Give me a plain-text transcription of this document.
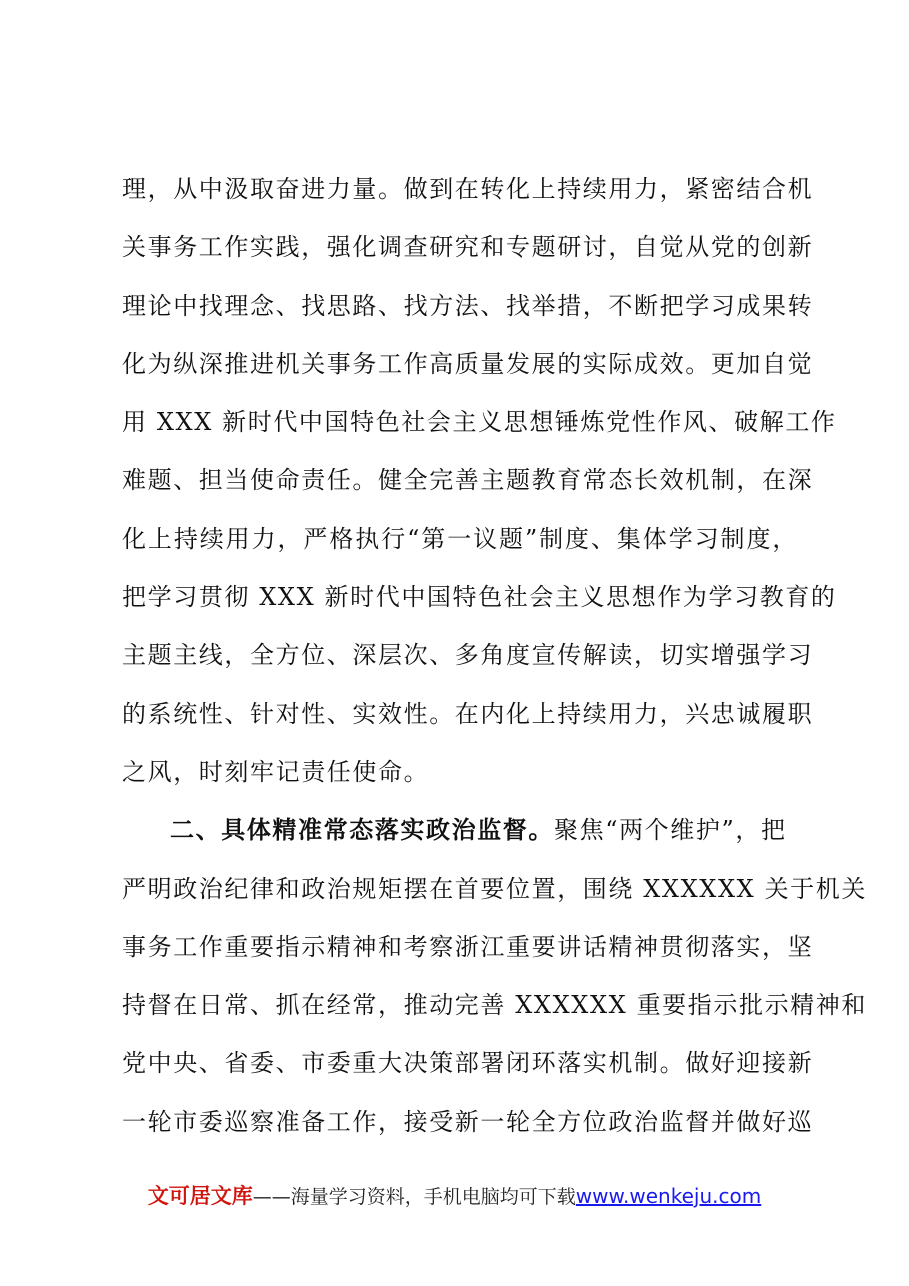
理，从中汲取奋进力量。做到在转化上持续用力，紧密结合机
关事务工作实践，强化调查研究和专题研讨，自觉从党的创新
理论中找理念、找思路、找方法、找举措，不断把学习成果转
化为纵深推进机关事务工作高质量发展的实际成效。更加自觉
用 XXX 新时代中国特色社会主义思想锤炼党性作风、破解工作
难题、担当使命责任。健全完善主题教育常态长效机制，在深
化上持续用力，严格执行“第一议题”制度、集体学习制度，
把学习贯彻 XXX 新时代中国特色社会主义思想作为学习教育的
主题主线，全方位、深层次、多角度宣传解读，切实增强学习
的系统性、针对性、实效性。在内化上持续用力，兴忠诚履职
之风，时刻牢记责任使命。
二、具体精准常态落实政治监督。聚焦“两个维护”，把
严明政治纪律和政治规矩摆在首要位置，围绕 XXXXXX 关于机关
事务工作重要指示精神和考察浙江重要讲话精神贯彻落实，坚
持督在日常、抓在经常，推动完善 XXXXXX 重要指示批示精神和
党中央、省委、市委重大决策部署闭环落实机制。做好迎接新
一轮市委巡察准备工作，接受新一轮全方位政治监督并做好巡
文可居文库——海量学习资料，手机电脑均可下载www.wenkeju.com
